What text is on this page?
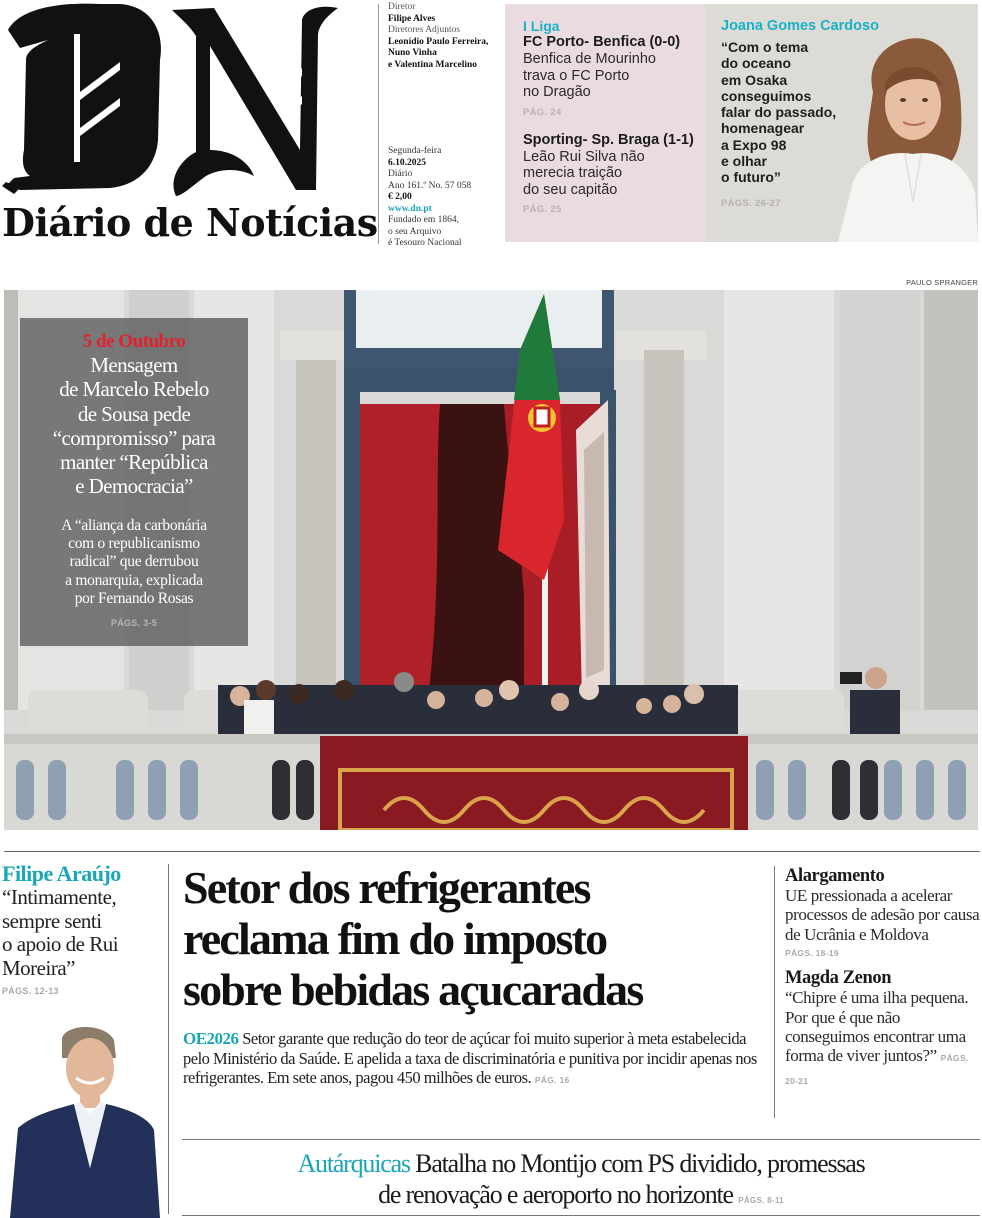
Diário de Notícias
Diretor
Filipe Alves
Diretores Adjuntos
Leonídio Paulo Ferreira,
Nuno Vinha
e Valentina Marcelino
Segunda-feira
6.10.2025
Diário
Ano 161.º No. 57 058
€ 2,00
www.dn.pt
Fundado em 1864,
o seu Arquivo
é Tesouro Nacional
I Liga
FC Porto- Benfica (0-0)
Benfica de Mourinho
trava o FC Porto
no Dragão
PÁG. 24
Sporting- Sp. Braga (1-1)
Leão Rui Silva não
merecia traição
do seu capitão
PÁG. 25
Joana Gomes Cardoso
“Com o tema
do oceano
em Osaka
conseguimos
falar do passado,
homenagear
a Expo 98
e olhar
o futuro”
PÁGS. 26-27
PAULO SPRANGER
5 de Outubro
Mensagem
de Marcelo Rebelo
de Sousa pede
“compromisso” para
manter “República
e Democracia”
A “aliança da carbonária
com o republicanismo
radical” que derrubou
a monarquia, explicada
por Fernando Rosas
PÁGS. 3-5
Filipe Araújo
“Intimamente,
sempre senti
o apoio de Rui
Moreira”
PÁGS. 12-13
Setor dos refrigerantes
reclama fim do imposto
sobre bebidas açucaradas
OE2026 Setor garante que redução do teor de açúcar foi muito superior à meta estabelecida pelo Ministério da Saúde. E apelida a taxa de discriminatória e punitiva por incidir apenas nos refrigerantes. Em sete anos, pagou 450 milhões de euros. PÁG. 16
Alargamento
UE pressionada a acelerar processos de adesão por causa de Ucrânia e Moldova
PÁGS. 18-19
Magda Zenon
“Chipre é uma ilha pequena. Por que é que não conseguimos encontrar uma forma de viver juntos?” PÁGS. 20-21
Autárquicas Batalha no Montijo com PS dividido, promessas
de renovação e aeroporto no horizonte PÁGS. 8-11
